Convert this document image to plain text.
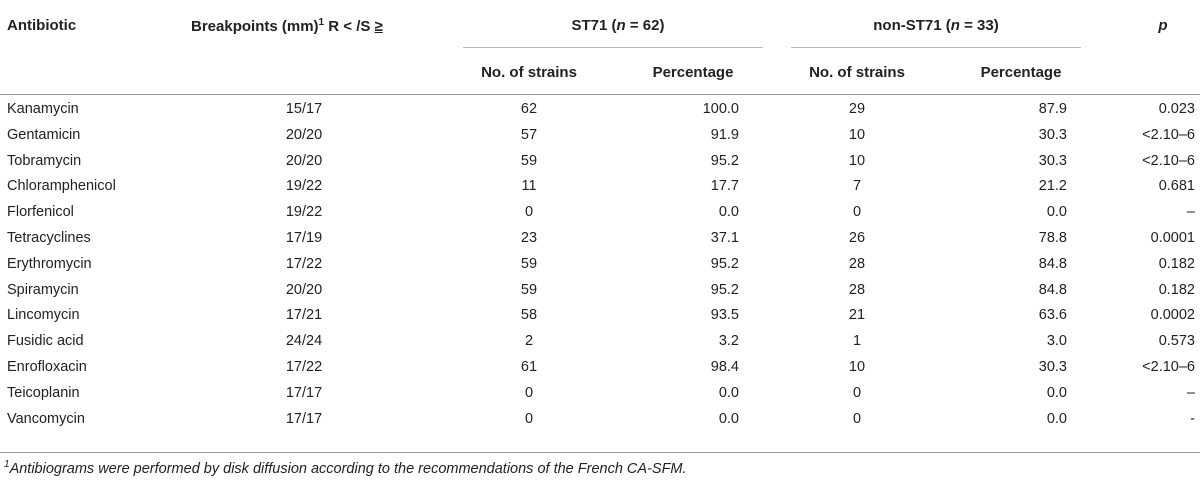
Antibiotic	Breakpoints (mm)$^1$ R < /S ≥	ST71 (n = 62)	non-ST71 (n = 33)	p
No. of strains	Percentage	No. of strains	Percentage
Kanamycin	15/17	62	100.0	29	87.9	0.023
Gentamicin	20/20	57	91.9	10	30.3	<2.10–6
Tobramycin	20/20	59	95.2	10	30.3	<2.10–6
Chloramphenicol	19/22	11	17.7	7	21.2	0.681
Florfenicol	19/22	0	0.0	0	0.0	–
Tetracyclines	17/19	23	37.1	26	78.8	0.0001
Erythromycin	17/22	59	95.2	28	84.8	0.182
Spiramycin	20/20	59	95.2	28	84.8	0.182
Lincomycin	17/21	58	93.5	21	63.6	0.0002
Fusidic acid	24/24	2	3.2	1	3.0	0.573
Enrofloxacin	17/22	61	98.4	10	30.3	<2.10–6
Teicoplanin	17/17	0	0.0	0	0.0	–
Vancomycin	17/17	0	0.0	0	0.0	-
$^1$Antibiograms were performed by disk diffusion according to the recommendations of the French CA-SFM.
